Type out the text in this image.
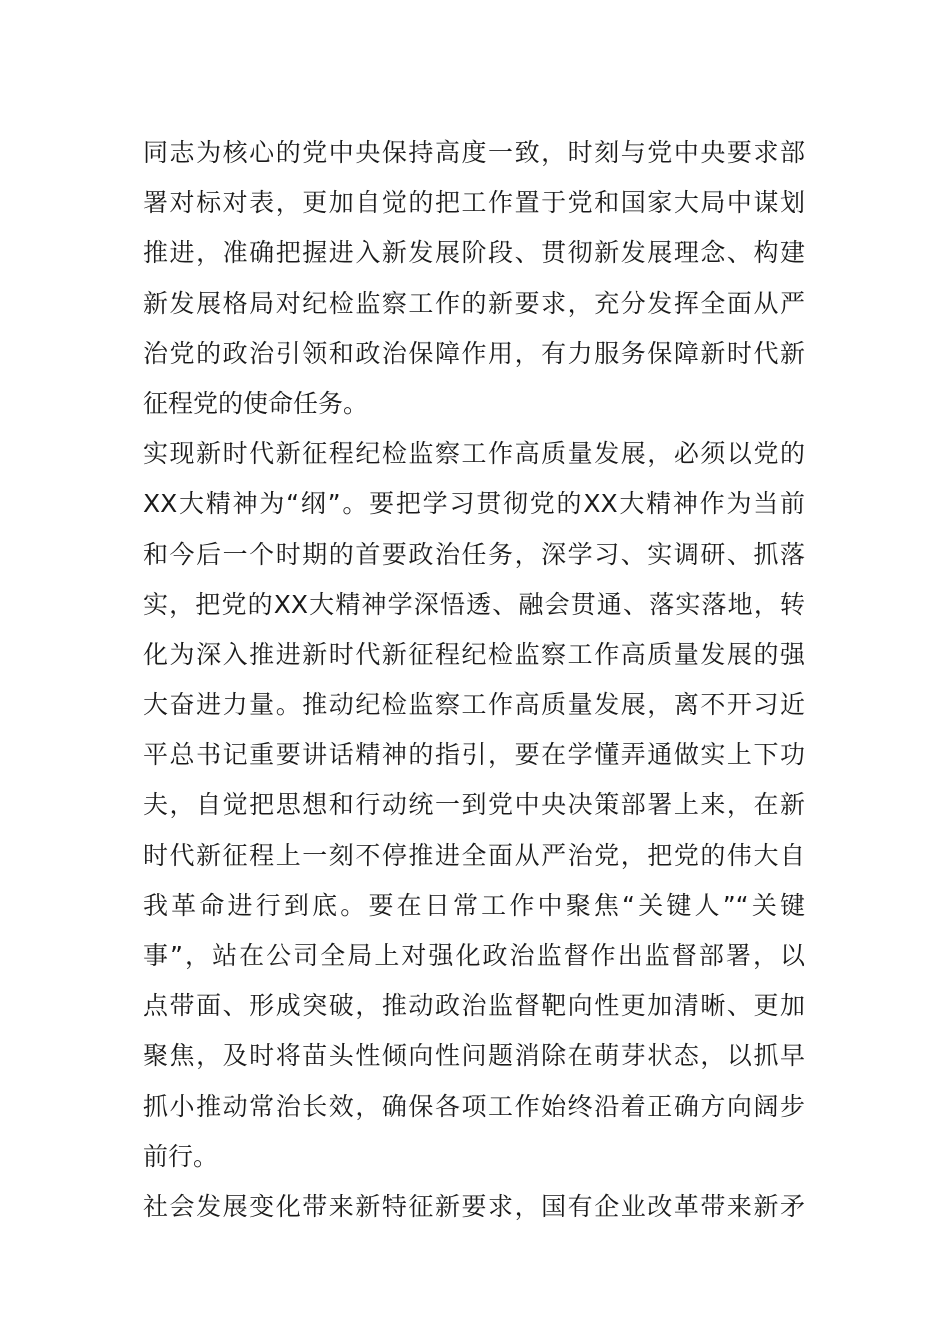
同志为核心的党中央保持高度一致，时刻与党中央要求部
署对标对表，更加自觉的把工作置于党和国家大局中谋划
推进，准确把握进入新发展阶段、贯彻新发展理念、构建
新发展格局对纪检监察工作的新要求，充分发挥全面从严
治党的政治引领和政治保障作用，有力服务保障新时代新
征程党的使命任务。
实现新时代新征程纪检监察工作高质量发展，必须以党的
XX大精神为“纲”。要把学习贯彻党的XX大精神作为当前
和今后一个时期的首要政治任务，深学习、实调研、抓落
实，把党的XX大精神学深悟透、融会贯通、落实落地，转
化为深入推进新时代新征程纪检监察工作高质量发展的强
大奋进力量。推动纪检监察工作高质量发展，离不开习近
平总书记重要讲话精神的指引，要在学懂弄通做实上下功
夫，自觉把思想和行动统一到党中央决策部署上来，在新
时代新征程上一刻不停推进全面从严治党，把党的伟大自
我革命进行到底。要在日常工作中聚焦“关键人”“关键
事”，站在公司全局上对强化政治监督作出监督部署，以
点带面、形成突破，推动政治监督靶向性更加清晰、更加
聚焦，及时将苗头性倾向性问题消除在萌芽状态，以抓早
抓小推动常治长效，确保各项工作始终沿着正确方向阔步
前行。
社会发展变化带来新特征新要求，国有企业改革带来新矛
